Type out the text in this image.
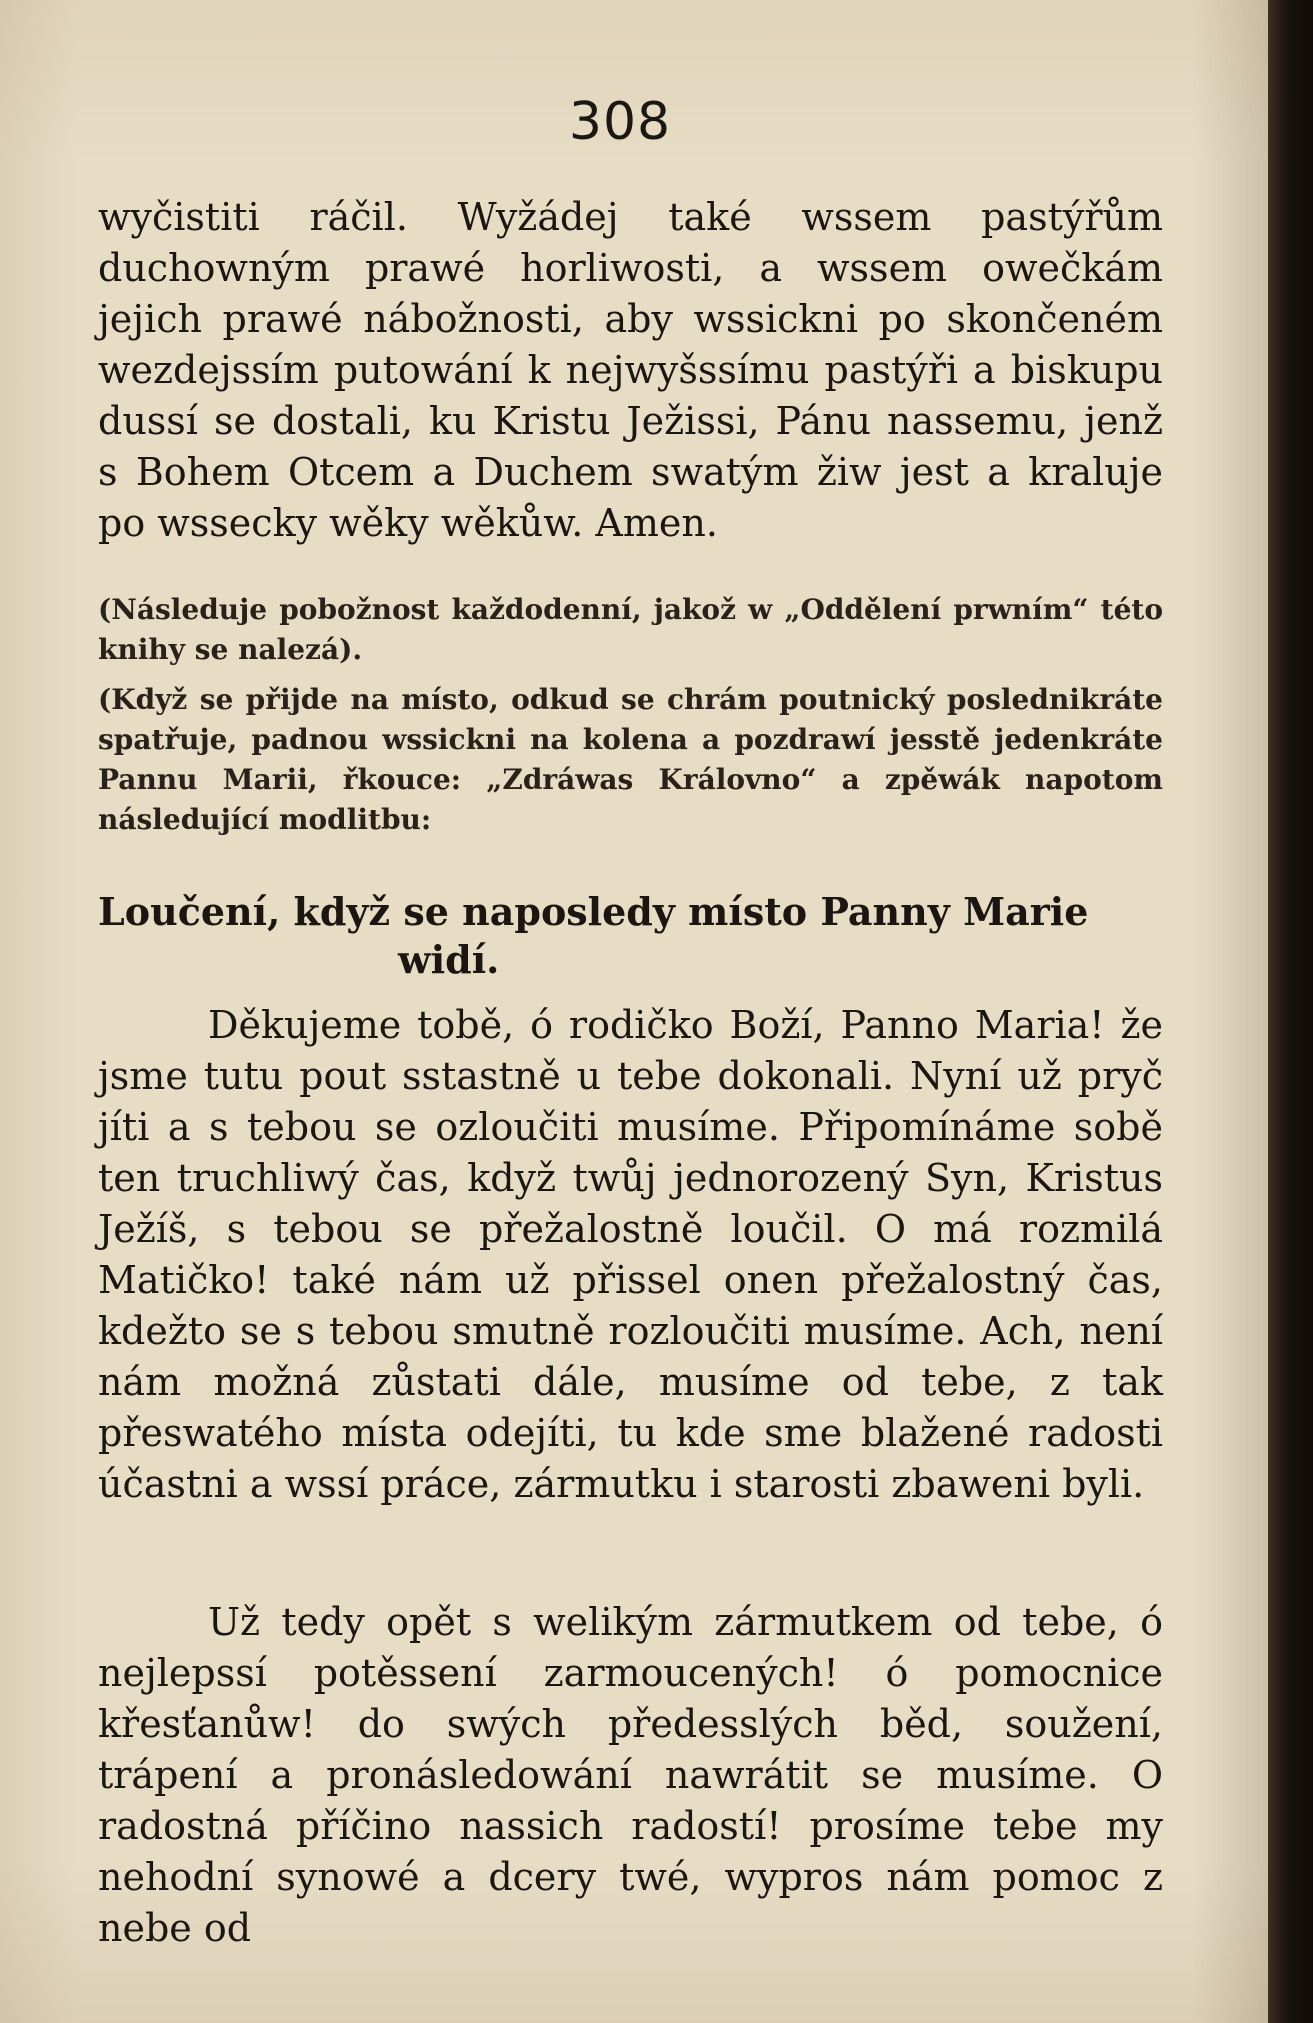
308
wyčistiti ráčil. Wyžádej také wssem pastýřům duchowným prawé horliwosti, a wssem owečkám jejich prawé nábožnosti, aby wssickni po skončeném wezdejssím putowání k nejwyšssímu pastýři a biskupu dussí se dostali, ku Kristu Ježissi, Pánu nassemu, jenž s Bohem Otcem a Duchem swatým žiw jest a kraluje po wssecky wěky wěkůw. Amen.
(Následuje pobožnost každodenní, jakož w „Oddělení prwním“ této knihy se nalezá).
(Když se přijde na místo, odkud se chrám poutnický poslednikráte spatřuje, padnou wssickni na kolena a pozdrawí jesstě jedenkráte Pannu Marii, řkouce: „Zdráwas Královno“ a zpěwák napotom následující modlitbu:
Loučení, když se naposledy místo Panny Marie
widí.
Děkujeme tobě, ó rodičko Boží, Panno Maria! že jsme tutu pout sstastně u tebe dokonali. Nyní už pryč jíti a s tebou se ozloučiti musíme. Připomínáme sobě ten truchliwý čas, když twůj jednorozený Syn, Kristus Ježíš, s tebou se přežalostně loučil. O má rozmilá Matičko! také nám už přissel onen přežalostný čas, kdežto se s tebou smutně rozloučiti musíme. Ach, není nám možná zůstati dále, musíme od tebe, z tak přeswatého místa odejíti, tu kde sme blažené radosti účastni a wssí práce, zármutku i starosti zbaweni byli.
Už tedy opět s welikým zármutkem od tebe, ó nejlepssí potěssení zarmoucených! ó pomocnice křesťanůw! do swých předesslých běd, soužení, trápení a pronásledowání nawrátit se musíme. O radostná příčino nassich radostí! prosíme tebe my nehodní synowé a dcery twé, wypros nám pomoc z nebe od
